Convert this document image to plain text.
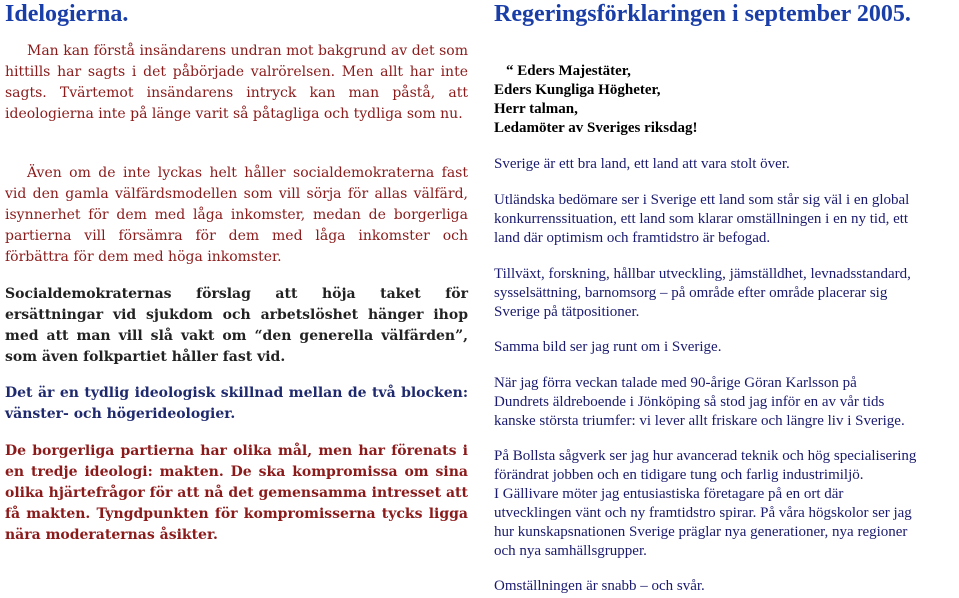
Idelogierna.

Man kan förstå insändarens undran mot bakgrund av det som hittills har sagts i det påbörjade valrörelsen. Men allt har inte sagts. Tvärtemot insändarens intryck kan man påstå, att ideologierna inte på länge varit så påtagliga och tydliga som nu.

Även om de inte lyckas helt håller socialdemokraterna fast vid den gamla välfärdsmodellen som vill sörja för allas välfärd, isynnerhet för dem med låga inkomster, medan de borgerliga partierna vill försämra för dem med låga inkomster och förbättra för dem med höga inkomster.

Socialdemokraternas förslag att höja taket för ersättningar vid sjukdom och arbetslöshet hänger ihop med att man vill slå vakt om “den generella välfärden”, som även folkpartiet håller fast vid.

Det är en tydlig ideologisk skillnad mellan de två blocken: vänster- och högerideologier.

De borgerliga partierna har olika mål, men har förenats i en tredje ideologi: makten. De ska kompromissa om sina olika hjärtefrågor för att nå det gemensamma intresset att få makten. Tyngdpunkten för kompromisserna tycks ligga nära moderaternas åsikter.

Regeringsförklaringen i september 2005.
“ Eders Majestäter,
Eders Kungliga Högheter,
Herr talman,
Ledamöter av Sveriges riksdag!
Sverige är ett bra land, ett land att vara stolt över.
Utländska bedömare ser i Sverige ett land som står sig väl i en global
konkurrenssituation, ett land som klarar omställningen i en ny tid, ett
land där optimism och framtidstro är befogad.
Tillväxt, forskning, hållbar utveckling, jämställdhet, levnadsstandard,
sysselsättning, barnomsorg – på område efter område placerar sig
Sverige på tätpositioner.
Samma bild ser jag runt om i Sverige.
När jag förra veckan talade med 90-årige Göran Karlsson på
Dundrets äldreboende i Jönköping så stod jag inför en av vår tids
kanske största triumfer: vi lever allt friskare och längre liv i Sverige.
På Bollsta sågverk ser jag hur avancerad teknik och hög specialisering
förändrat jobben och en tidigare tung och farlig industrimiljö.
I Gällivare möter jag entusiastiska företagare på en ort där
utvecklingen vänt och ny framtidstro spirar. På våra högskolor ser jag
hur kunskapsnationen Sverige präglar nya generationer, nya regioner
och nya samhällsgrupper.
Omställningen är snabb – och svår.
